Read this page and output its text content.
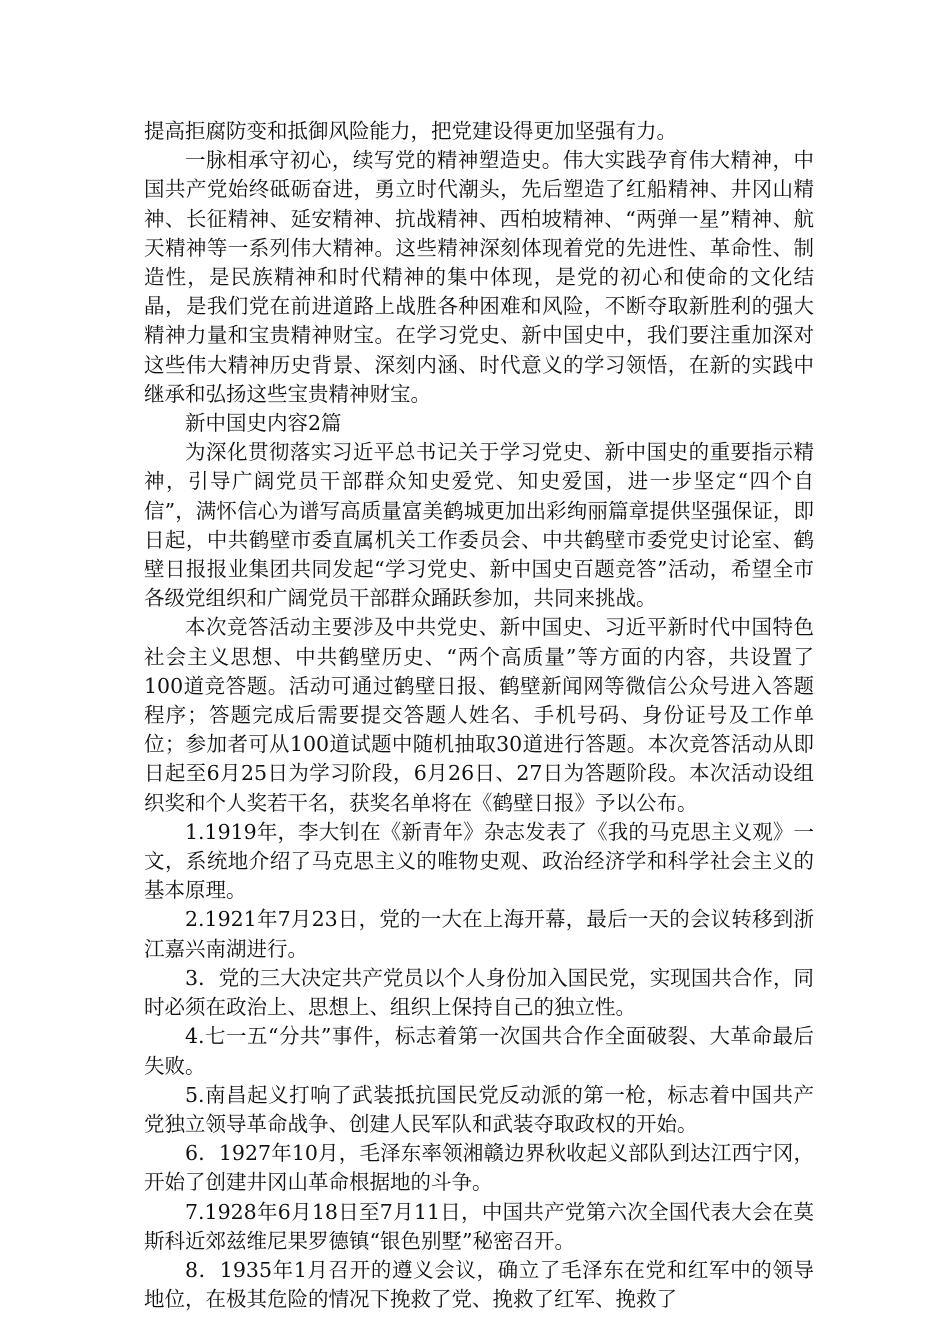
提高拒腐防变和抵御风险能力，把党建设得更加坚强有力。

一脉相承守初心，续写党的精神塑造史。伟大实践孕育伟大精神，中国共产党始终砥砺奋进，勇立时代潮头，先后塑造了红船精神、井冈山精神、长征精神、延安精神、抗战精神、西柏坡精神、“两弹一星”精神、航天精神等一系列伟大精神。这些精神深刻体现着党的先进性、革命性、制造性，是民族精神和时代精神的集中体现，是党的初心和使命的文化结晶，是我们党在前进道路上战胜各种困难和风险，不断夺取新胜利的强大精神力量和宝贵精神财宝。在学习党史、新中国史中，我们要注重加深对这些伟大精神历史背景、深刻内涵、时代意义的学习领悟，在新的实践中继承和弘扬这些宝贵精神财宝。

新中国史内容2篇

为深化贯彻落实习近平总书记关于学习党史、新中国史的重要指示精神，引导广阔党员干部群众知史爱党、知史爱国，进一步坚定“四个自信”，满怀信心为谱写高质量富美鹤城更加出彩绚丽篇章提供坚强保证，即日起，中共鹤壁市委直属机关工作委员会、中共鹤壁市委党史讨论室、鹤壁日报报业集团共同发起“学习党史、新中国史百题竞答”活动，希望全市各级党组织和广阔党员干部群众踊跃参加，共同来挑战。

本次竞答活动主要涉及中共党史、新中国史、习近平新时代中国特色社会主义思想、中共鹤壁历史、“两个高质量”等方面的内容，共设置了100道竞答题。活动可通过鹤壁日报、鹤壁新闻网等微信公众号进入答题程序；答题完成后需要提交答题人姓名、手机号码、身份证号及工作单位；参加者可从100道试题中随机抽取30道进行答题。本次竞答活动从即日起至6月25日为学习阶段，6月26日、27日为答题阶段。本次活动设组织奖和个人奖若干名，获奖名单将在《鹤壁日报》予以公布。

1.1919年，李大钊在《新青年》杂志发表了《我的马克思主义观》一文，系统地介绍了马克思主义的唯物史观、政治经济学和科学社会主义的基本原理。

2.1921年7月23日，党的一大在上海开幕，最后一天的会议转移到浙江嘉兴南湖进行。

3．党的三大决定共产党员以个人身份加入国民党，实现国共合作，同时必须在政治上、思想上、组织上保持自己的独立性。

4.七一五“分共”事件，标志着第一次国共合作全面破裂、大革命最后失败。

5.南昌起义打响了武装抵抗国民党反动派的第一枪，标志着中国共产党独立领导革命战争、创建人民军队和武装夺取政权的开始。

6．1927年10月，毛泽东率领湘赣边界秋收起义部队到达江西宁冈，开始了创建井冈山革命根据地的斗争。

7.1928年6月18日至7月11日，中国共产党第六次全国代表大会在莫斯科近郊兹维尼果罗德镇“银色别墅”秘密召开。

8．1935年1月召开的遵义会议，确立了毛泽东在党和红军中的领导地位，在极其危险的情况下挽救了党、挽救了红军、挽救了
